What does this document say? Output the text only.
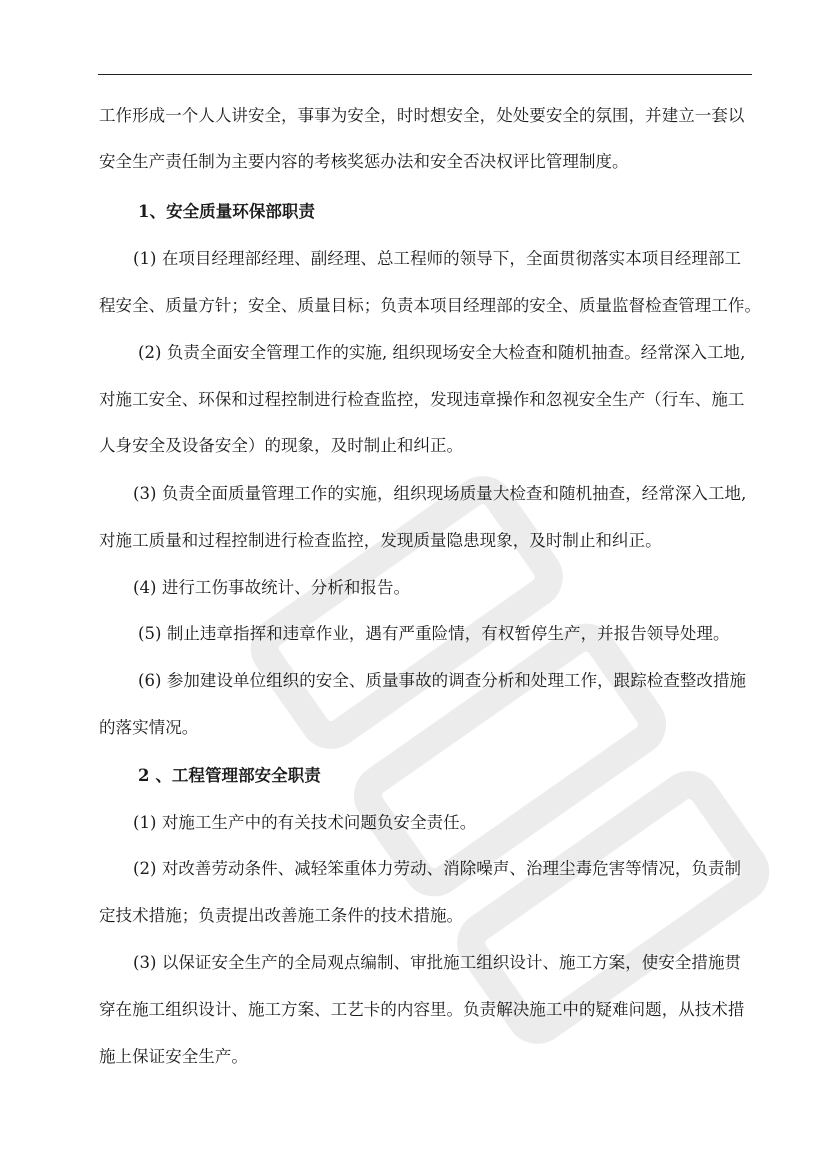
工作形成一个人人讲安全，事事为安全，时时想安全，处处要安全的氛围，并建立一套以
安全生产责任制为主要内容的考核奖惩办法和安全否决权评比管理制度。
1、安全质量环保部职责
(1) 在项目经理部经理、副经理、总工程师的领导下，全面贯彻落实本项目经理部工
程安全、质量方针；安全、质量目标；负责本项目经理部的安全、质量监督检查管理工作。
(2) 负责全面安全管理工作的实施, 组织现场安全大检查和随机抽查。经常深入工地,
对施工安全、环保和过程控制进行检查监控，发现违章操作和忽视安全生产（行车、施工
人身安全及设备安全）的现象，及时制止和纠正。
(3) 负责全面质量管理工作的实施，组织现场质量大检查和随机抽查，经常深入工地,
对施工质量和过程控制进行检查监控，发现质量隐患现象，及时制止和纠正。
(4) 进行工伤事故统计、分析和报告。
(5) 制止违章指挥和违章作业，遇有严重险情，有权暂停生产，并报告领导处理。
(6) 参加建设单位组织的安全、质量事故的调查分析和处理工作，跟踪检查整改措施
的落实情况。
2 、工程管理部安全职责
(1) 对施工生产中的有关技术问题负安全责任。
(2) 对改善劳动条件、减轻笨重体力劳动、消除噪声、治理尘毒危害等情况，负责制
定技术措施；负责提出改善施工条件的技术措施。
(3) 以保证安全生产的全局观点编制、审批施工组织设计、施工方案，使安全措施贯
穿在施工组织设计、施工方案、工艺卡的内容里。负责解决施工中的疑难问题，从技术措
施上保证安全生产。
